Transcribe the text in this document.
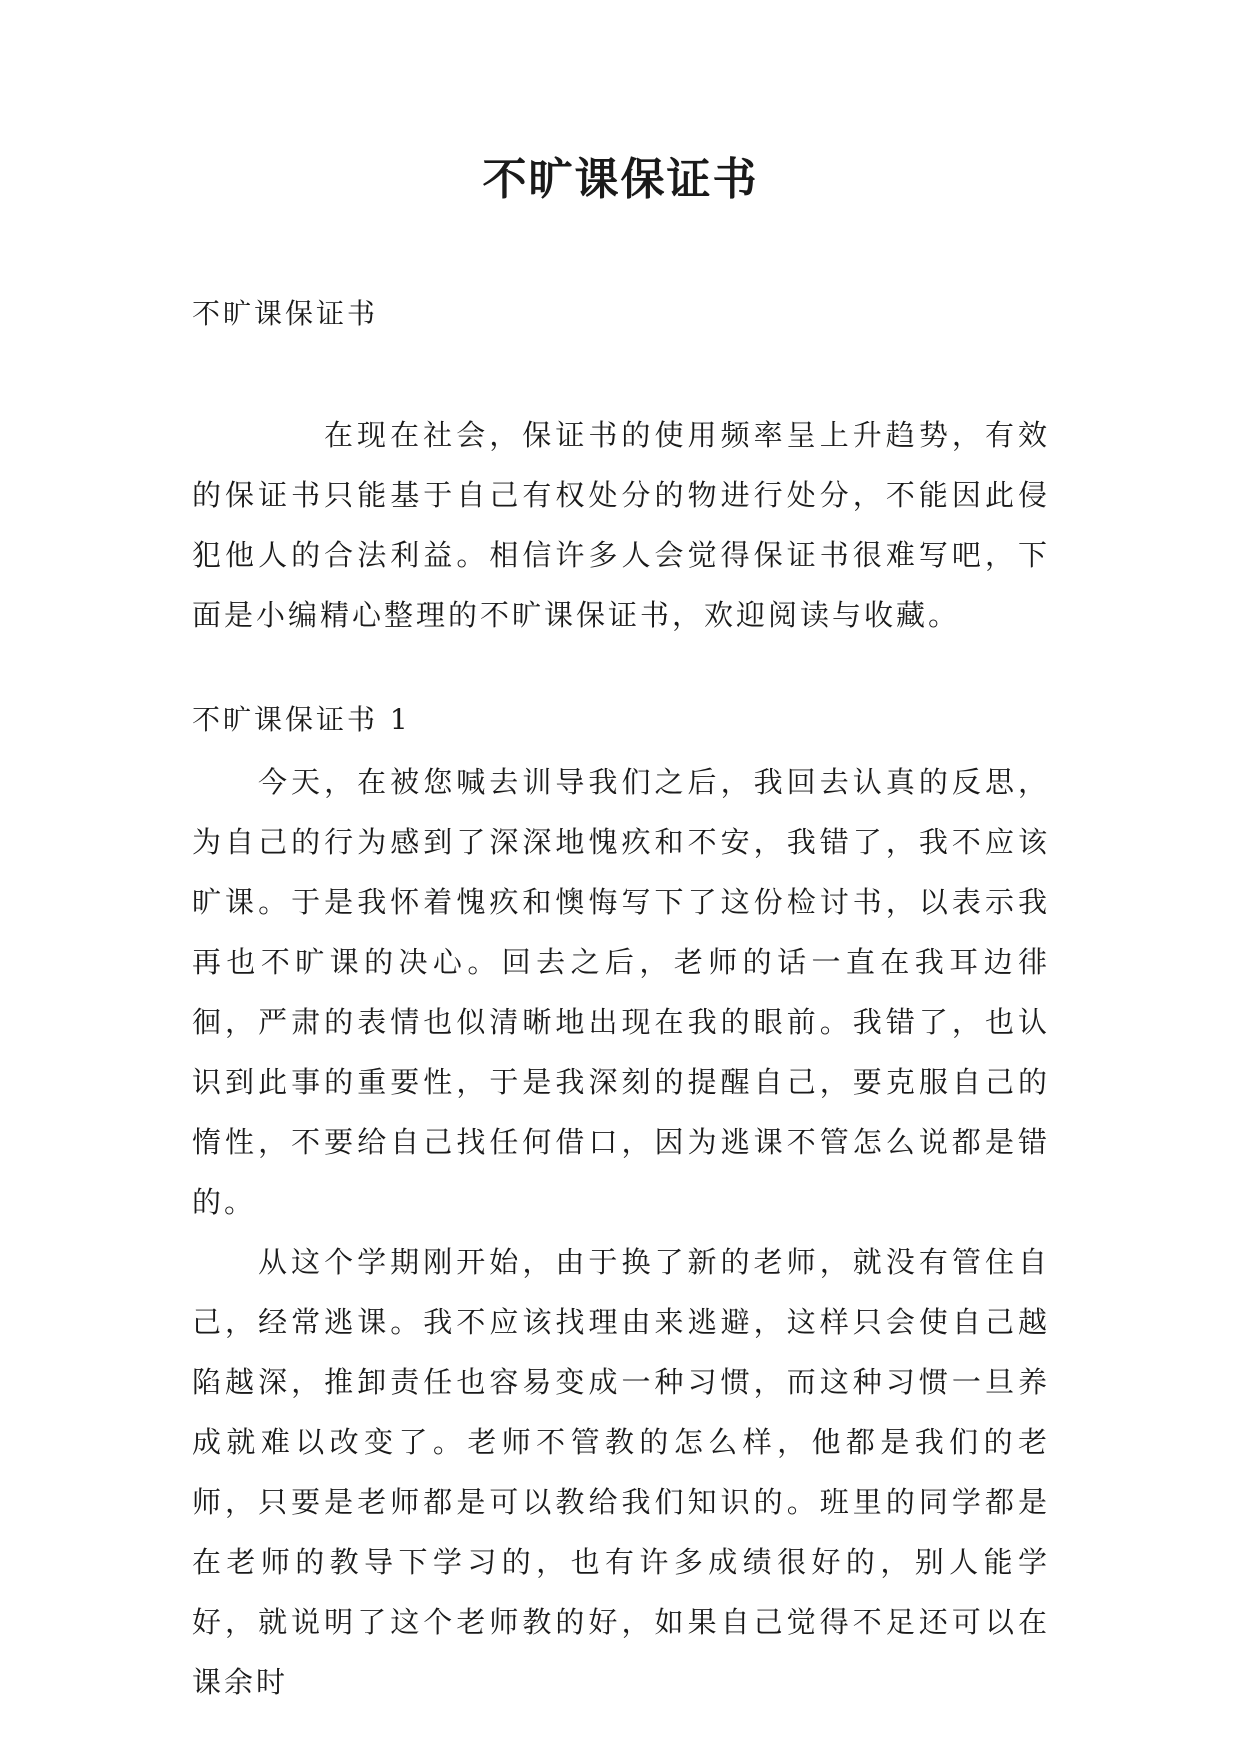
不旷课保证书
不旷课保证书

在现在社会，保证书的使用频率呈上升趋势，有效的保证书只能基于自己有权处分的物进行处分，不能因此侵犯他人的合法利益。相信许多人会觉得保证书很难写吧，下面是小编精心整理的不旷课保证书，欢迎阅读与收藏。

不旷课保证书 1

今天，在被您喊去训导我们之后，我回去认真的反思，为自己的行为感到了深深地愧疚和不安，我错了，我不应该旷课。于是我怀着愧疚和懊悔写下了这份检讨书，以表示我再也不旷课的决心。回去之后，老师的话一直在我耳边徘徊，严肃的表情也似清晰地出现在我的眼前。我错了，也认识到此事的重要性，于是我深刻的提醒自己，要克服自己的惰性，不要给自己找任何借口，因为逃课不管怎么说都是错的。

从这个学期刚开始，由于换了新的老师，就没有管住自己，经常逃课。我不应该找理由来逃避，这样只会使自己越陷越深，推卸责任也容易变成一种习惯，而这种习惯一旦养成就难以改变了。老师不管教的怎么样，他都是我们的老师，只要是老师都是可以教给我们知识的。班里的同学都是在老师的教导下学习的，也有许多成绩很好的，别人能学好，就说明了这个老师教的好，如果自己觉得不足还可以在课余时
